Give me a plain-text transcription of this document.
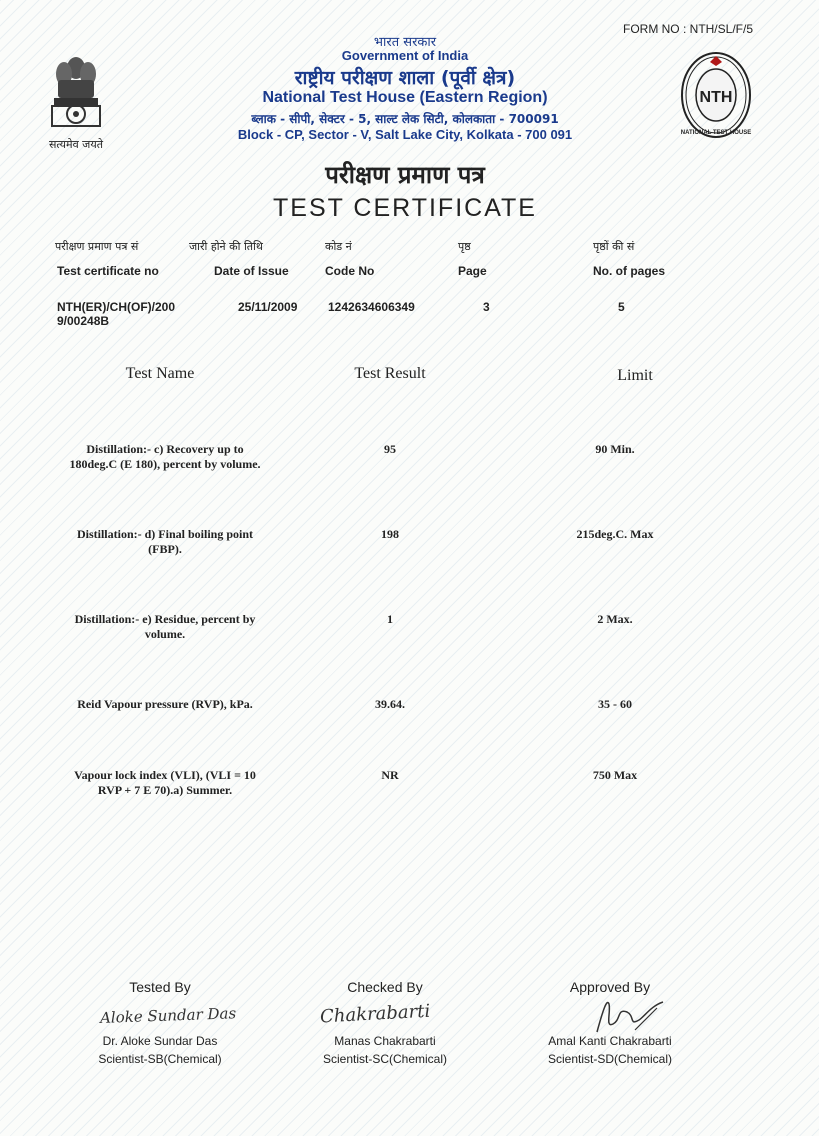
FORM NO : NTH/SL/F/5
सत्यमेव जयते
भारत सरकार
Government of India
राष्ट्रीय परीक्षण शाला (पूर्वी क्षेत्र)
National Test House (Eastern Region)
ब्लाक - सीपी, सेक्टर - 5, साल्ट लेक सिटी, कोलकाता - 700091
Block - CP, Sector - V, Salt Lake City, Kolkata - 700 091	NATIONAL TEST HOUSE
NTH
परीक्षण प्रमाण पत्र
TEST CERTIFICATE
परीक्षण प्रमाण पत्र सं	जारी होने की तिथि	कोड नं	पृष्ठ	पृष्ठों की सं
Test certificate no	Date of Issue	Code No	Page	No. of pages
NTH(ER)/CH(OF)/200
9/00248B
25/11/2009	1242634606349	3	5
Test Name	Test Result	Limit
Distillation:- c) Recovery up to
180deg.C (E 180), percent by volume.
95	90 Min.
Distillation:- d) Final boiling point
(FBP).
198	215deg.C. Max
Distillation:- e) Residue, percent by
volume.
1	2 Max.
Reid Vapour pressure (RVP), kPa.	39.64.	35 - 60
Vapour lock index (VLI), (VLI = 10
RVP + 7 E 70).a) Summer.
NR	750 Max
Tested By
Aloke Sundar Das
Dr. Aloke Sundar Das
Scientist-SB(Chemical)
Checked By
Chakrabarti
Manas Chakrabarti
Scientist-SC(Chemical)
Approved By
Amal Kanti Chakrabarti
Scientist-SD(Chemical)
